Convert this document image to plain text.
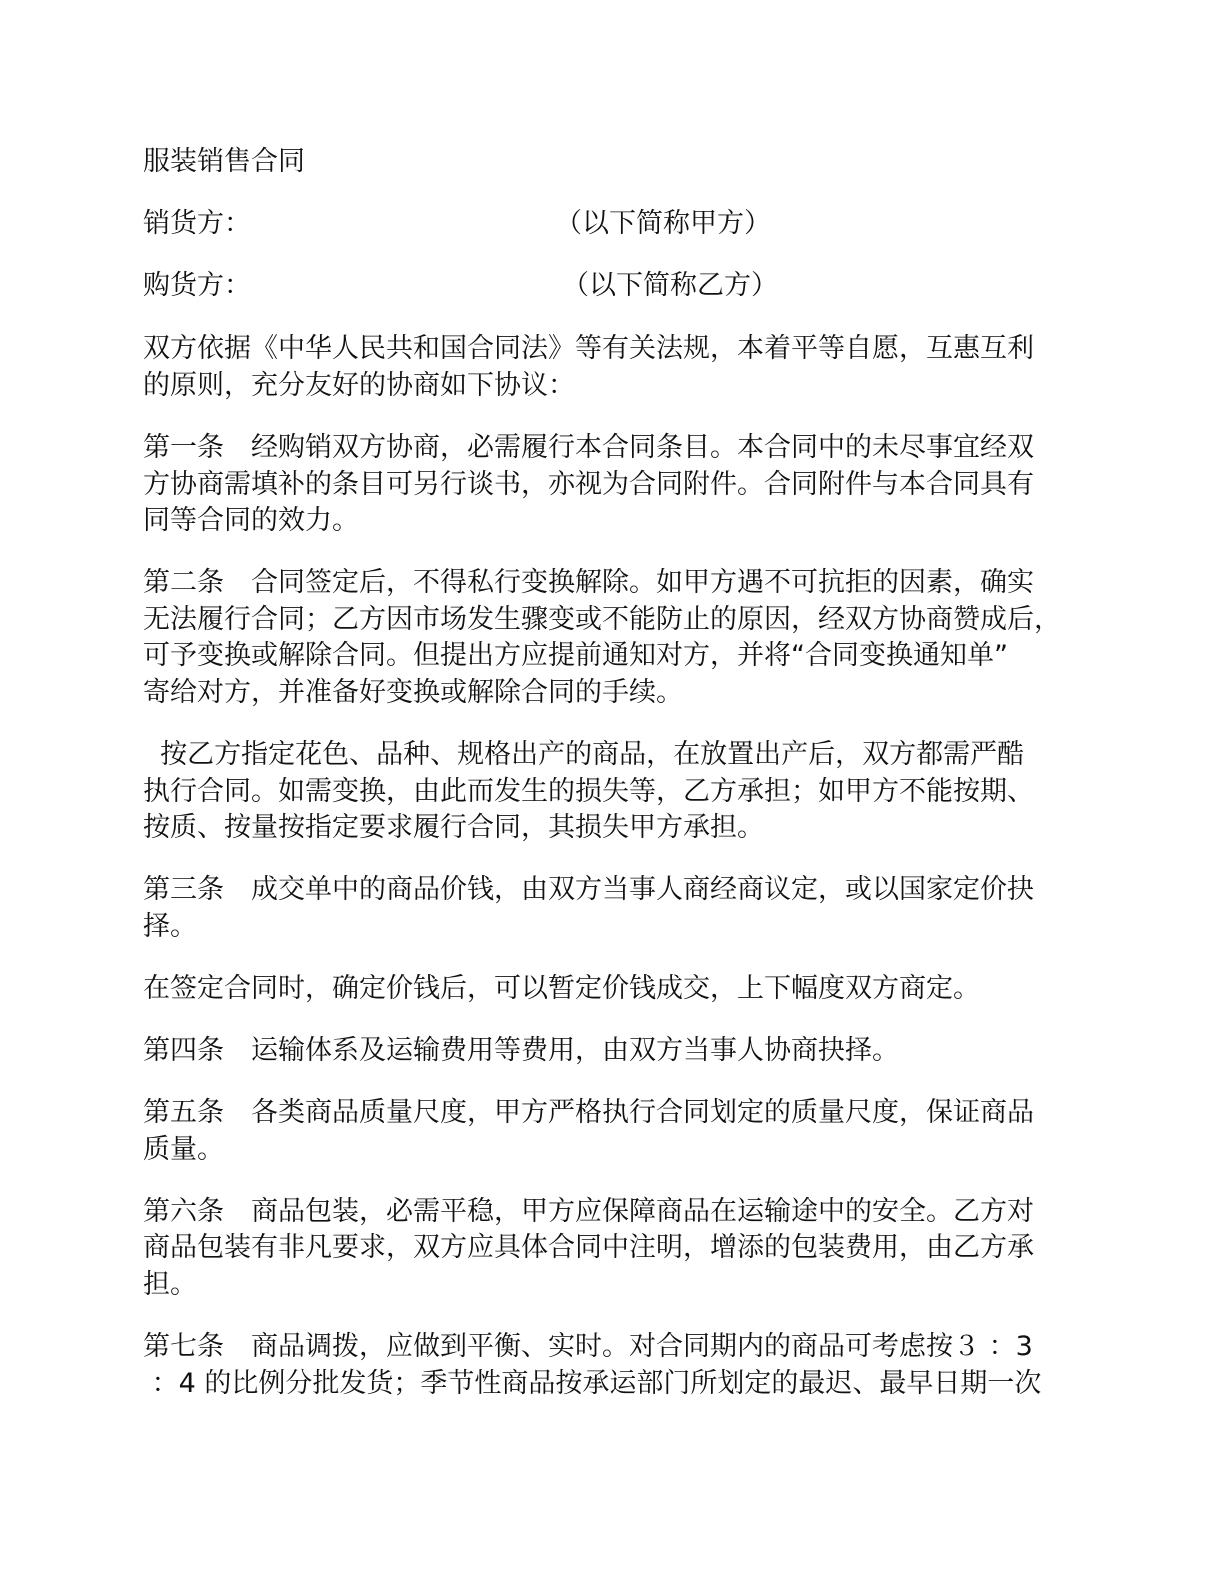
服装销售合同
销货方：	（以下简称甲方）
购货方：	（以下简称乙方）
双方依据《中华人民共和国合同法》等有关法规，本着平等自愿，互惠互利
的原则，充分友好的协商如下协议：
第一条　经购销双方协商，必需履行本合同条目。本合同中的未尽事宜经双
方协商需填补的条目可另行谈书，亦视为合同附件。合同附件与本合同具有
同等合同的效力。
第二条　合同签定后，不得私行变换解除。如甲方遇不可抗拒的因素，确实
无法履行合同；乙方因市场发生骤变或不能防止的原因，经双方协商赞成后，
可予变换或解除合同。但提出方应提前通知对方，并将“合同变换通知单”
寄给对方，并准备好变换或解除合同的手续。
按乙方指定花色、品种、规格出产的商品，在放置出产后，双方都需严酷
执行合同。如需变换，由此而发生的损失等，乙方承担；如甲方不能按期、
按质、按量按指定要求履行合同，其损失甲方承担。
第三条　成交单中的商品价钱，由双方当事人商经商议定，或以国家定价抉
择。
在签定合同时，确定价钱后，可以暂定价钱成交，上下幅度双方商定。
第四条　运输体系及运输费用等费用，由双方当事人协商抉择。
第五条　各类商品质量尺度，甲方严格执行合同划定的质量尺度，保证商品
质量。
第六条　商品包装，必需平稳，甲方应保障商品在运输途中的安全。乙方对
商品包装有非凡要求，双方应具体合同中注明，增添的包装费用，由乙方承
担。
第七条　商品调拨，应做到平衡、实时。对合同期内的商品可考虑按３ ：3
：4 的比例分批发货；季节性商品按承运部门所划定的最迟、最早日期一次
